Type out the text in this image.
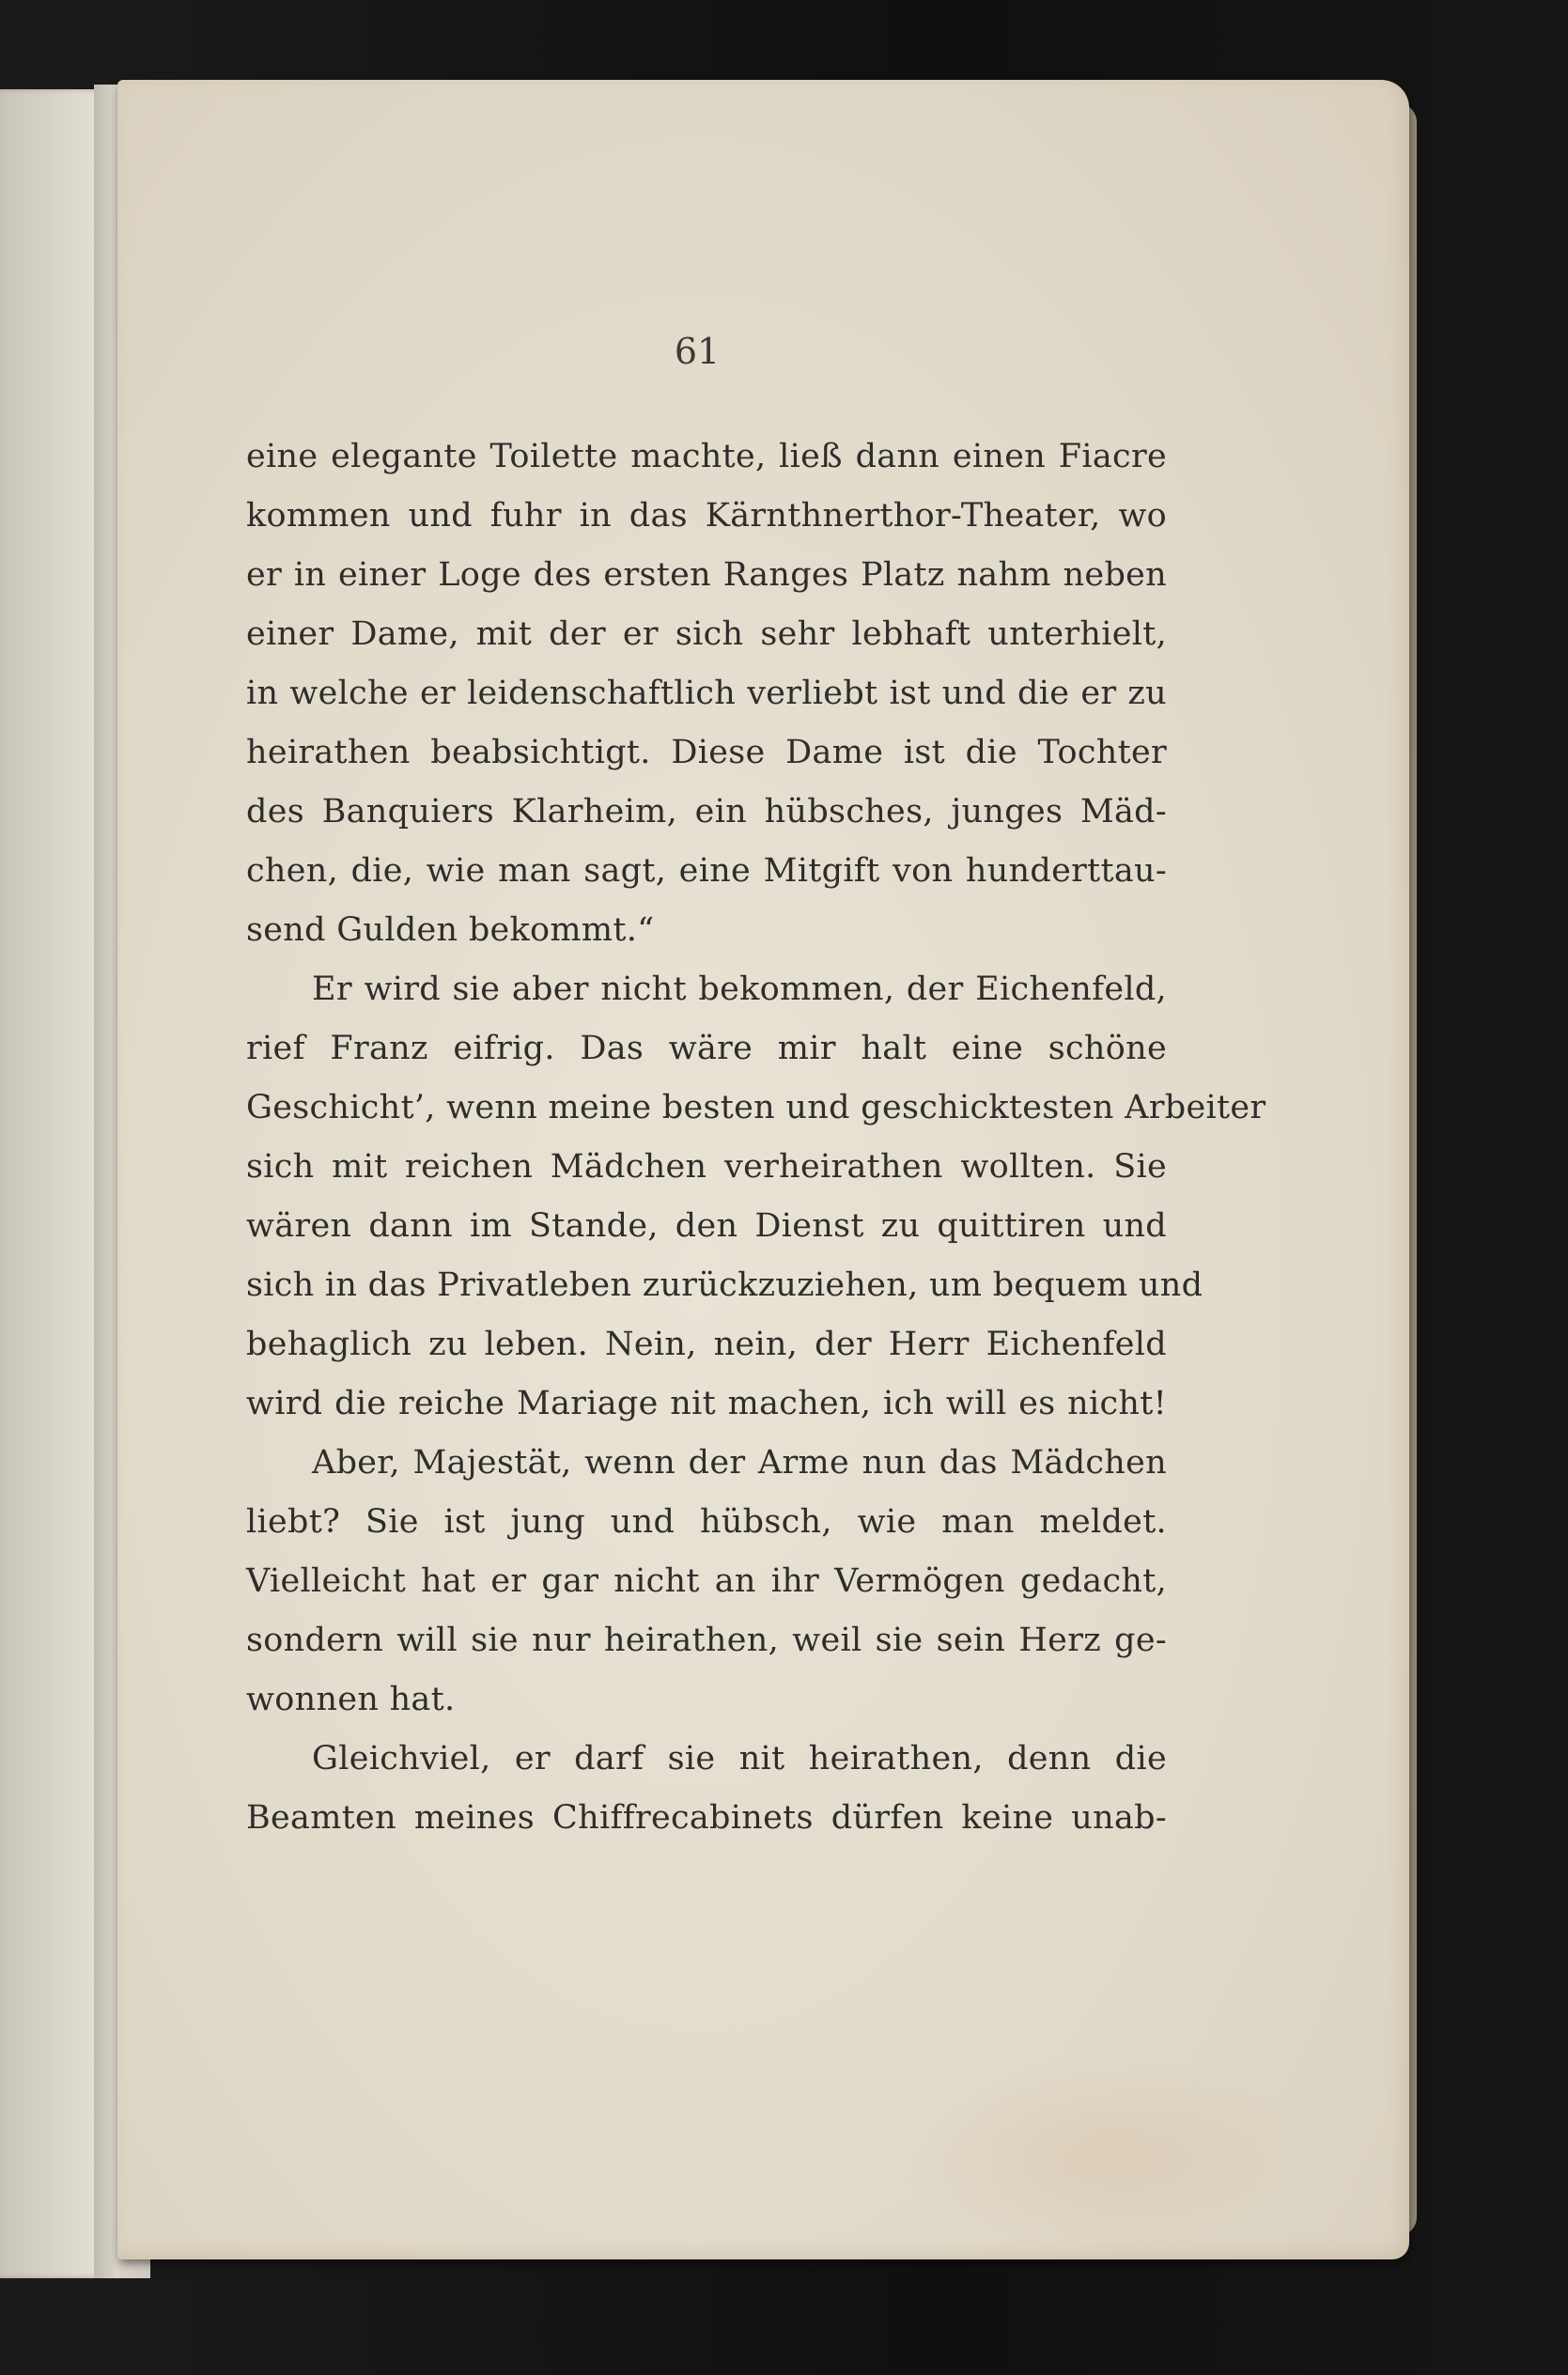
61
eine elegante Toilette machte, ließ dann einen Fiacre
kommen und fuhr in das Kärnthnerthor-Theater, wo
er in einer Loge des ersten Ranges Platz nahm neben
einer Dame, mit der er sich sehr lebhaft unterhielt,
in welche er leidenschaftlich verliebt ist und die er zu
heirathen beabsichtigt. Diese Dame ist die Tochter
des Banquiers Klarheim, ein hübsches, junges Mäd-
chen, die, wie man sagt, eine Mitgift von hunderttau-
send Gulden bekommt.“
Er wird sie aber nicht bekommen, der Eichenfeld,
rief Franz eifrig. Das wäre mir halt eine schöne
Geschicht’, wenn meine besten und geschicktesten Arbeiter
sich mit reichen Mädchen verheirathen wollten. Sie
wären dann im Stande, den Dienst zu quittiren und
sich in das Privatleben zurückzuziehen, um bequem und
behaglich zu leben. Nein, nein, der Herr Eichenfeld
wird die reiche Mariage nit machen, ich will es nicht!
Aber, Majestät, wenn der Arme nun das Mädchen
liebt? Sie ist jung und hübsch, wie man meldet.
Vielleicht hat er gar nicht an ihr Vermögen gedacht,
sondern will sie nur heirathen, weil sie sein Herz ge-
wonnen hat.
Gleichviel, er darf sie nit heirathen, denn die
Beamten meines Chiffrecabinets dürfen keine unab-
